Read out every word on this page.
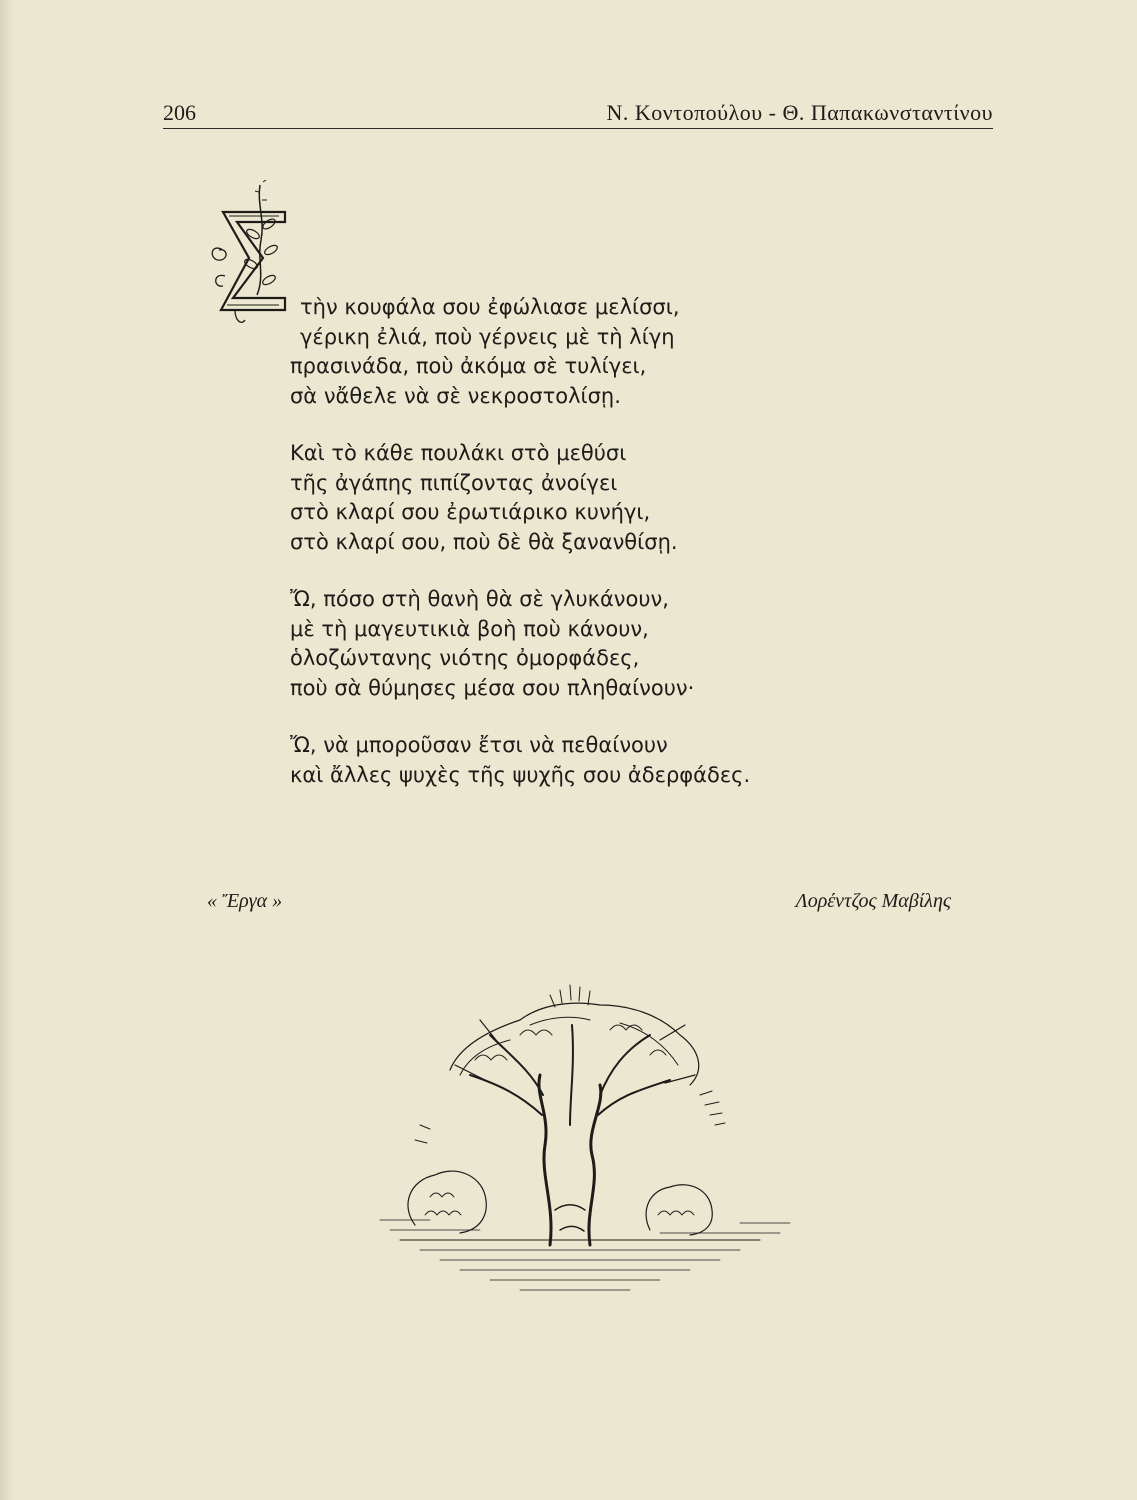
206	Ν. Κοντοπούλου - Θ. Παπακωνσταντίνου
τὴν κουφάλα σου ἐφώλιασε μελίσσι,
γέρικη ἐλιά, ποὺ γέρνεις μὲ τὴ λίγη
πρασινάδα, ποὺ ἀκόμα σὲ τυλίγει,
σὰ νἄθελε νὰ σὲ νεκροστολίσῃ.
Καὶ τὸ κάθε πουλάκι στὸ μεθύσι
τῆς ἀγάπης πιπίζοντας ἀνοίγει
στὸ κλαρί σου ἐρωτιάρικο κυνήγι,
στὸ κλαρί σου, ποὺ δὲ θὰ ξανανθίσῃ.
Ὤ, πόσο στὴ θανὴ θὰ σὲ γλυκάνουν,
μὲ τὴ μαγευτικιὰ βοὴ ποὺ κάνουν,
ὁλοζώντανης νιότης ὀμορφάδες,
ποὺ σὰ θύμησες μέσα σου πληθαίνουν·
Ὤ, νὰ μποροῦσαν ἔτσι νὰ πεθαίνουν
καὶ ἄλλες ψυχὲς τῆς ψυχῆς σου ἀδερφάδες.
« Ἔργα »	Λορέντζος Μαβίλης
